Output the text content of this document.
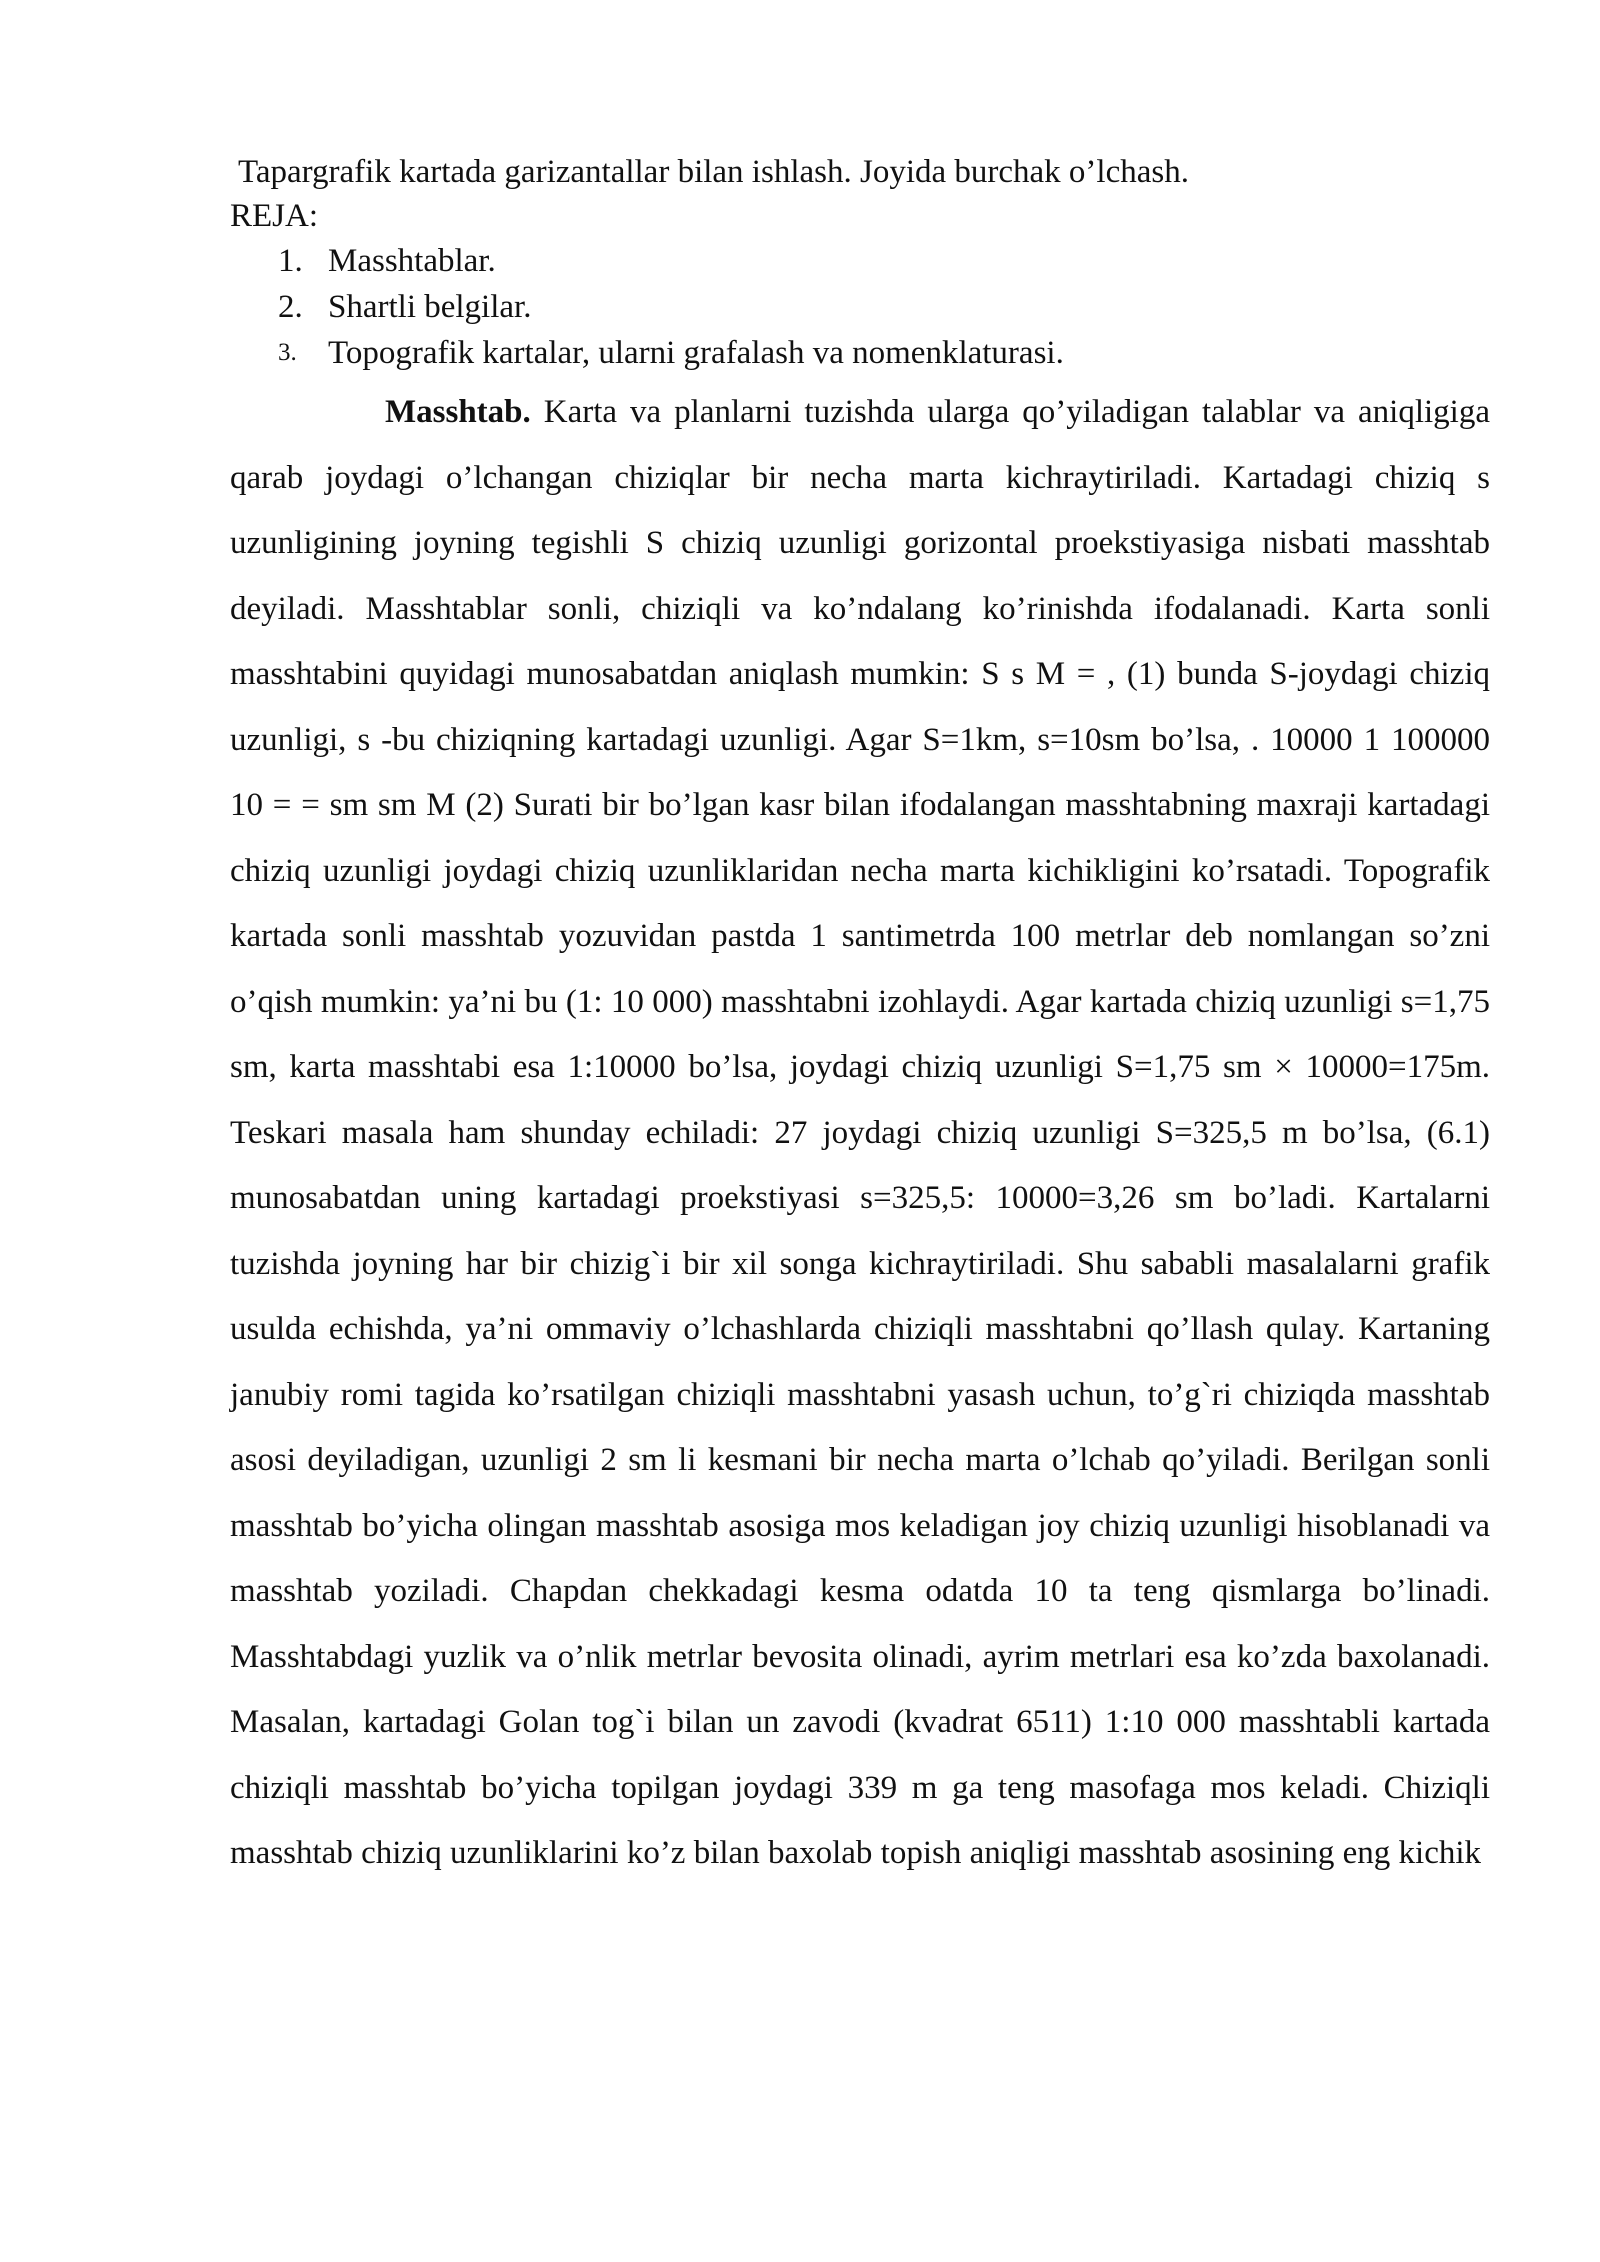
Tapargrafik kartada garizantallar bilan ishlash. Joyida burchak o’lchash.

REJA:

1. Masshtablar.
2. Shartli belgilar.
3. Topografik kartalar, ularni grafalash va nomenklaturasi.

Masshtab. Karta va planlarni tuzishda ularga qo’yiladigan talablar va aniqligiga qarab joydagi o’lchangan chiziqlar bir necha marta kichraytiriladi. Kartadagi chiziq s uzunligining joyning tegishli S chiziq uzunligi gorizontal proekstiyasiga nisbati masshtab deyiladi. Masshtablar sonli, chiziqli va ko’ndalang ko’rinishda ifodalanadi. Karta sonli masshtabini quyidagi munosabatdan aniqlash mumkin: S s M = , (1) bunda S-joydagi chiziq uzunligi, s -bu chiziqning kartadagi uzunligi. Agar S=1km, s=10sm bo’lsa, . 10000 1 100000 10 = = sm sm M (2) Surati bir bo’lgan kasr bilan ifodalangan masshtabning maxraji kartadagi chiziq uzunligi joydagi chiziq uzunliklaridan necha marta kichikligini ko’rsatadi. Topografik kartada sonli masshtab yozuvidan pastda 1 santimetrda 100 metrlar deb nomlangan so’zni o’qish mumkin: ya’ni bu (1: 10 000) masshtabni izohlaydi. Agar kartada chiziq uzunligi s=1,75 sm, karta masshtabi esa 1:10000 bo’lsa, joydagi chiziq uzunligi S=1,75 sm × 10000=175m. Teskari masala ham shunday echiladi: 27 joydagi chiziq uzunligi S=325,5 m bo’lsa, (6.1) munosabatdan uning kartadagi proekstiyasi s=325,5: 10000=3,26 sm bo’ladi. Kartalarni tuzishda joyning har bir chizig`i bir xil songa kichraytiriladi. Shu sababli masalalarni grafik usulda echishda, ya’ni ommaviy o’lchashlarda chiziqli masshtabni qo’llash qulay. Kartaning janubiy romi tagida ko’rsatilgan chiziqli masshtabni yasash uchun, to’g`ri chiziqda masshtab asosi deyiladigan, uzunligi 2 sm li kesmani bir necha marta o’lchab qo’yiladi. Berilgan sonli masshtab bo’yicha olingan masshtab asosiga mos keladigan joy chiziq uzunligi hisoblanadi va masshtab yoziladi. Chapdan chekkadagi kesma odatda 10 ta teng qismlarga bo’linadi. Masshtabdagi yuzlik va o’nlik metrlar bevosita olinadi, ayrim metrlari esa ko’zda baxolanadi. Masalan, kartadagi Golan tog`i bilan un zavodi (kvadrat 6511) 1:10 000 masshtabli kartada chiziqli masshtab bo’yicha topilgan joydagi 339 m ga teng masofaga mos keladi. Chiziqli masshtab chiziq uzunliklarini ko’z bilan baxolab topish aniqligi masshtab asosining eng kichik
